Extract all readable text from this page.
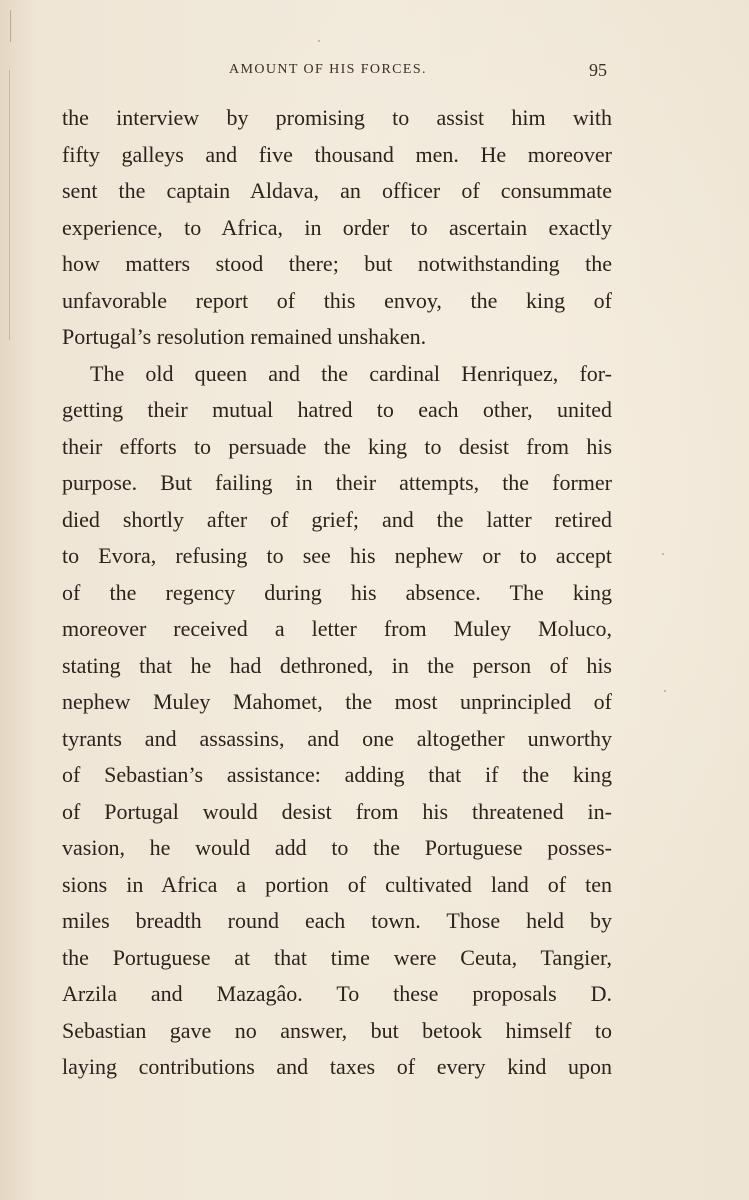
AMOUNT OF HIS FORCES.	95
the interview by promising to assist him with
fifty galleys and five thousand men. He moreover
sent the captain Aldava, an officer of consummate
experience, to Africa, in order to ascertain exactly
how matters stood there; but notwithstanding the
unfavorable report of this envoy, the king of
Portugal’s resolution remained unshaken.
The old queen and the cardinal Henriquez, for-
getting their mutual hatred to each other, united
their efforts to persuade the king to desist from his
purpose. But failing in their attempts, the former
died shortly after of grief; and the latter retired
to Evora, refusing to see his nephew or to accept
of the regency during his absence. The king
moreover received a letter from Muley Moluco,
stating that he had dethroned, in the person of his
nephew Muley Mahomet, the most unprincipled of
tyrants and assassins, and one altogether unworthy
of Sebastian’s assistance: adding that if the king
of Portugal would desist from his threatened in-
vasion, he would add to the Portuguese posses-
sions in Africa a portion of cultivated land of ten
miles breadth round each town. Those held by
the Portuguese at that time were Ceuta, Tangier,
Arzila and Mazagâo. To these proposals D.
Sebastian gave no answer, but betook himself to
laying contributions and taxes of every kind upon
